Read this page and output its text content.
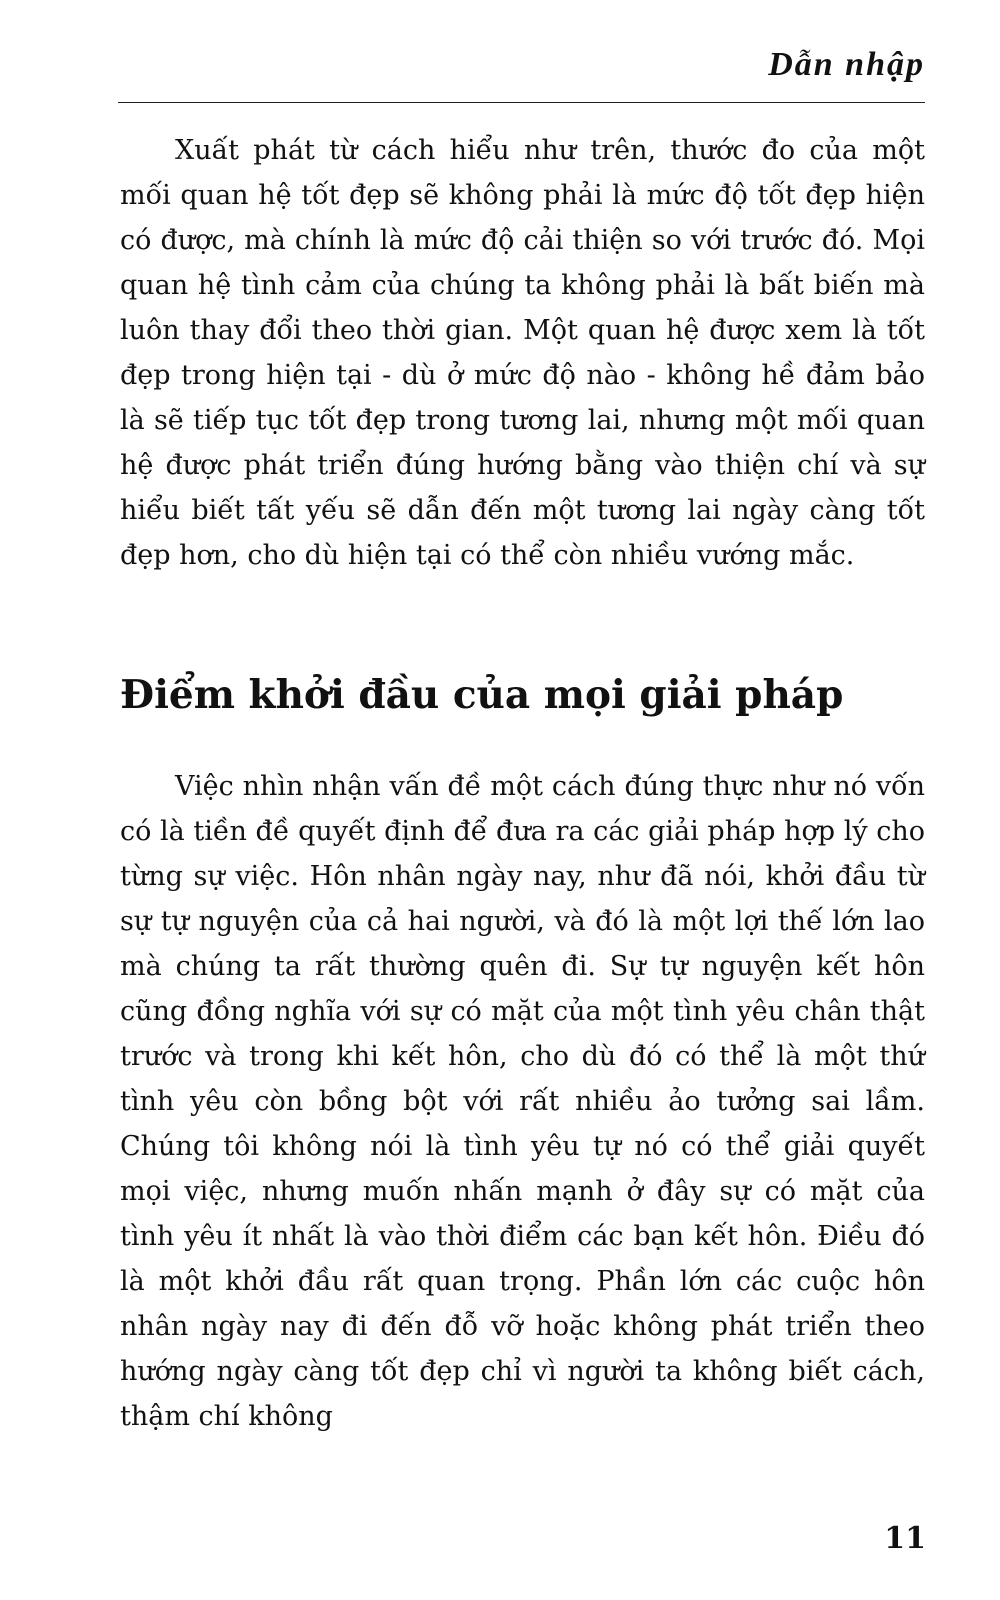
Dẫn nhập

Xuất phát từ cách hiểu như trên, thước đo của một mối quan hệ tốt đẹp sẽ không phải là mức độ tốt đẹp hiện có được, mà chính là mức độ cải thiện so với trước đó. Mọi quan hệ tình cảm của chúng ta không phải là bất biến mà luôn thay đổi theo thời gian. Một quan hệ được xem là tốt đẹp trong hiện tại - dù ở mức độ nào - không hề đảm bảo là sẽ tiếp tục tốt đẹp trong tương lai, nhưng một mối quan hệ được phát triển đúng hướng bằng vào thiện chí và sự hiểu biết tất yếu sẽ dẫn đến một tương lai ngày càng tốt đẹp hơn, cho dù hiện tại có thể còn nhiều vướng mắc.

Điểm khởi đầu của mọi giải pháp

Việc nhìn nhận vấn đề một cách đúng thực như nó vốn có là tiền đề quyết định để đưa ra các giải pháp hợp lý cho từng sự việc. Hôn nhân ngày nay, như đã nói, khởi đầu từ sự tự nguyện của cả hai người, và đó là một lợi thế lớn lao mà chúng ta rất thường quên đi. Sự tự nguyện kết hôn cũng đồng nghĩa với sự có mặt của một tình yêu chân thật trước và trong khi kết hôn, cho dù đó có thể là một thứ tình yêu còn bồng bột với rất nhiều ảo tưởng sai lầm. Chúng tôi không nói là tình yêu tự nó có thể giải quyết mọi việc, nhưng muốn nhấn mạnh ở đây sự có mặt của tình yêu ít nhất là vào thời điểm các bạn kết hôn. Điều đó là một khởi đầu rất quan trọng. Phần lớn các cuộc hôn nhân ngày nay đi đến đỗ vỡ hoặc không phát triển theo hướng ngày càng tốt đẹp chỉ vì người ta không biết cách, thậm chí không

11
